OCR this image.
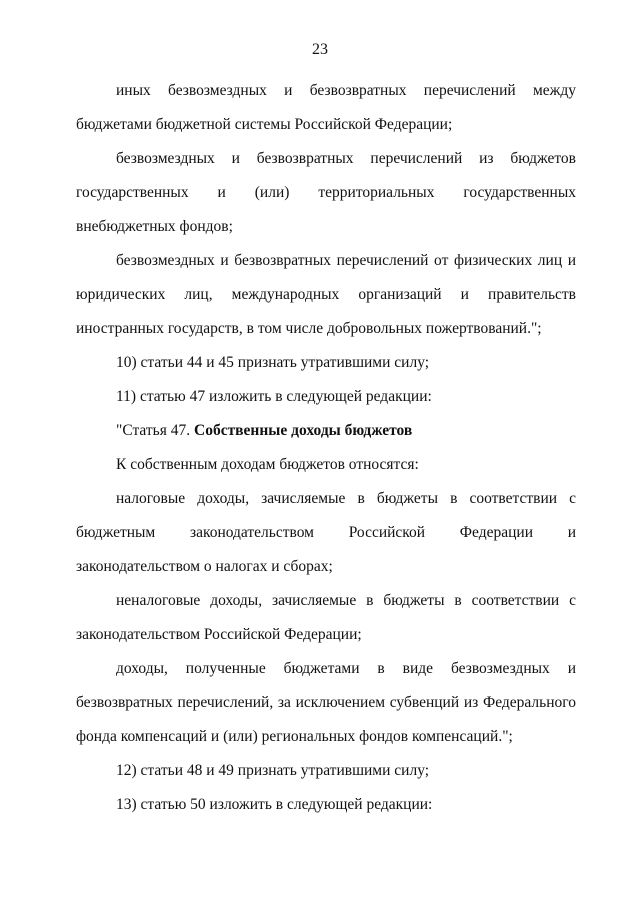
23

иных безвозмездных и безвозвратных перечислений между бюджетами бюджетной системы Российской Федерации;

безвозмездных и безвозвратных перечислений из бюджетов государственных и (или) территориальных государственных внебюджетных фондов;

безвозмездных и безвозвратных перечислений от физических лиц и юридических лиц, международных организаций и правительств иностранных государств, в том числе добровольных пожертвований.";

10) статьи 44 и 45 признать утратившими силу;

11) статью 47 изложить в следующей редакции:

"Статья 47. Собственные доходы бюджетов

К собственным доходам бюджетов относятся:

налоговые доходы, зачисляемые в бюджеты в соответствии с бюджетным законодательством Российской Федерации и законодательством о налогах и сборах;

неналоговые доходы, зачисляемые в бюджеты в соответствии с законодательством Российской Федерации;

доходы, полученные бюджетами в виде безвозмездных и безвозвратных перечислений, за исключением субвенций из Федерального фонда компенсаций и (или) региональных фондов компенсаций.";

12) статьи 48 и 49 признать утратившими силу;

13) статью 50 изложить в следующей редакции:
